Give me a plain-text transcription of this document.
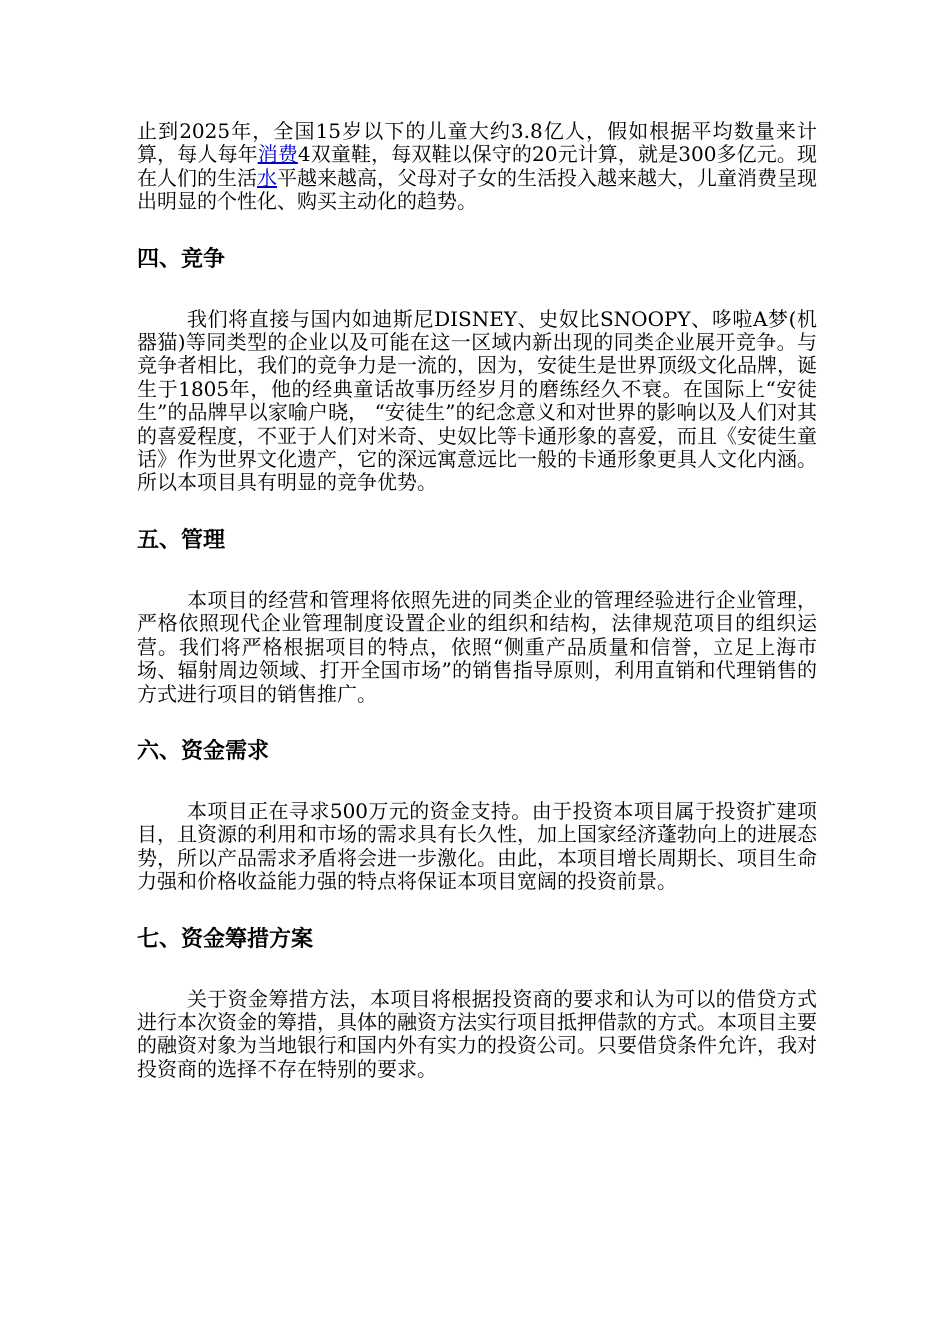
止到2025年，全国15岁以下的儿童大约3.8亿人，假如根据平均数量来计算，每人每年消费4双童鞋，每双鞋以保守的20元计算，就是300多亿元。现在人们的生活水平越来越高，父母对子女的生活投入越来越大，儿童消费呈现出明显的个性化、购买主动化的趋势。

四、竞争

我们将直接与国内如迪斯尼DISNEY、史奴比SNOOPY、哆啦A梦(机器猫)等同类型的企业以及可能在这一区域内新出现的同类企业展开竞争。与竞争者相比，我们的竞争力是一流的，因为，安徒生是世界顶级文化品牌，诞生于1805年，他的经典童话故事历经岁月的磨练经久不衰。在国际上“安徒生”的品牌早以家喻户晓， “安徒生”的纪念意义和对世界的影响以及人们对其的喜爱程度，不亚于人们对米奇、史奴比等卡通形象的喜爱，而且《安徒生童话》作为世界文化遗产，它的深远寓意远比一般的卡通形象更具人文化内涵。所以本项目具有明显的竞争优势。

五、管理

本项目的经营和管理将依照先进的同类企业的管理经验进行企业管理，严格依照现代企业管理制度设置企业的组织和结构，法律规范项目的组织运营。我们将严格根据项目的特点，依照“侧重产品质量和信誉，立足上海市场、辐射周边领域、打开全国市场”的销售指导原则，利用直销和代理销售的方式进行项目的销售推广。

六、资金需求

本项目正在寻求500万元的资金支持。由于投资本项目属于投资扩建项目，且资源的利用和市场的需求具有长久性，加上国家经济蓬勃向上的进展态势，所以产品需求矛盾将会进一步激化。由此，本项目增长周期长、项目生命力强和价格收益能力强的特点将保证本项目宽阔的投资前景。

七、资金筹措方案

关于资金筹措方法，本项目将根据投资商的要求和认为可以的借贷方式进行本次资金的筹措，具体的融资方法实行项目抵押借款的方式。本项目主要的融资对象为当地银行和国内外有实力的投资公司。只要借贷条件允许，我对投资商的选择不存在特别的要求。
